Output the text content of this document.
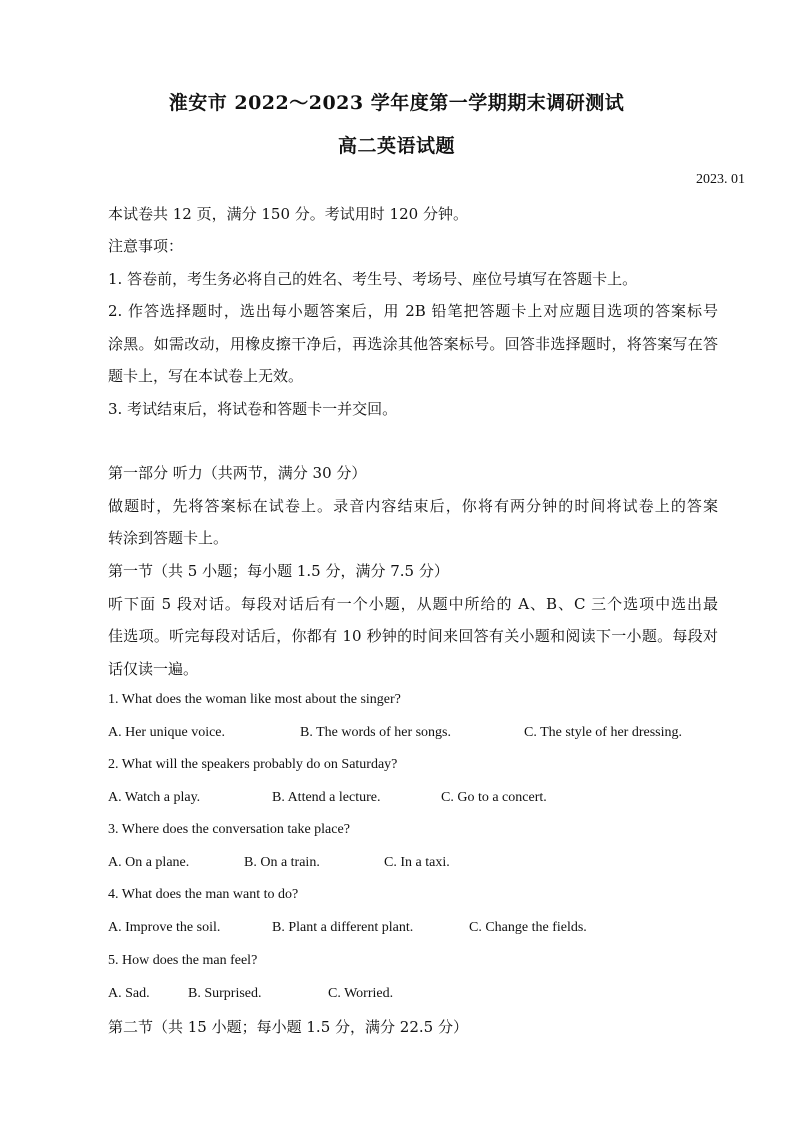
淮安市 2022～2023 学年度第一学期期末调研测试
高二英语试题
2023. 01
本试卷共 12 页，满分 150 分。考试用时 120 分钟。
注意事项：
1. 答卷前，考生务必将自己的姓名、考生号、考场号、座位号填写在答题卡上。
2. 作答选择题时，选出每小题答案后，用 2B 铅笔把答题卡上对应题目选项的答案标号
涂黑。如需改动，用橡皮擦干净后，再选涂其他答案标号。回答非选择题时，将答案写在答
题卡上，写在本试卷上无效。
3. 考试结束后，将试卷和答题卡一并交回。
第一部分 听力（共两节，满分 30 分）
做题时，先将答案标在试卷上。录音内容结束后，你将有两分钟的时间将试卷上的答案
转涂到答题卡上。
第一节（共 5 小题；每小题 1.5 分，满分 7.5 分）
听下面 5 段对话。每段对话后有一个小题，从题中所给的 A、B、C 三个选项中选出最
佳选项。听完每段对话后，你都有 10 秒钟的时间来回答有关小题和阅读下一小题。每段对
话仅读一遍。
1. What does the woman like most about the singer?
A. Her unique voice.	B. The words of her songs.	C. The style of her dressing.
2. What will the speakers probably do on Saturday?
A. Watch a play.	B. Attend a lecture.	C. Go to a concert.
3. Where does the conversation take place?
A. On a plane.	B. On a train.	C. In a taxi.
4. What does the man want to do?
A. Improve the soil.	B. Plant a different plant.	C. Change the fields.
5. How does the man feel?
A. Sad.	B. Surprised.	C. Worried.
第二节（共 15 小题；每小题 1.5 分，满分 22.5 分）
